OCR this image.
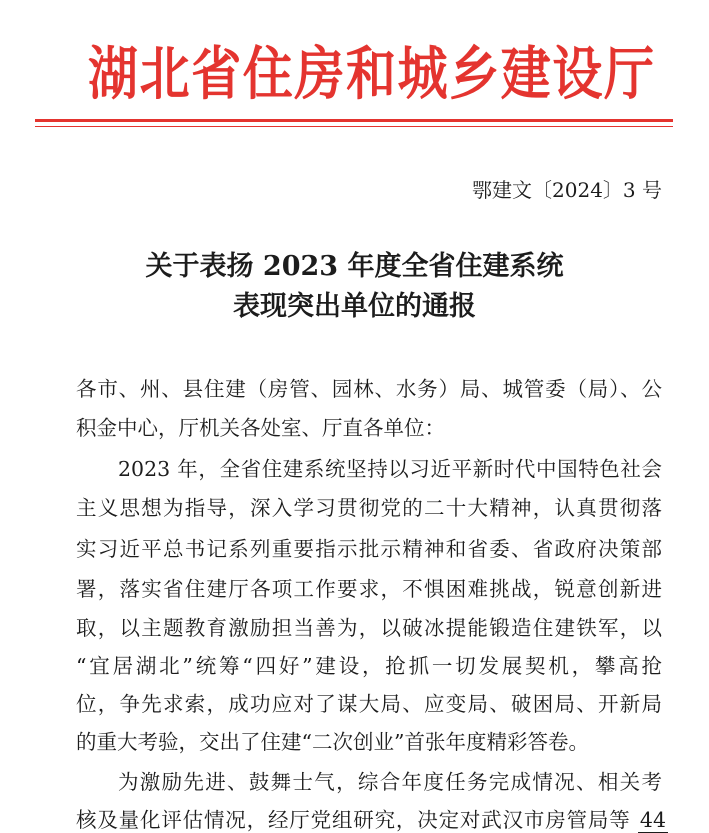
湖北省住房和城乡建设厅
鄂建文〔2024〕3 号
关于表扬 2023 年度全省住建系统
表现突出单位的通报
各市、州、县住建（房管、园林、水务）局、城管委（局）、公
积金中心，厅机关各处室、厅直各单位：
2023 年，全省住建系统坚持以习近平新时代中国特色社会
主义思想为指导，深入学习贯彻党的二十大精神，认真贯彻落
实习近平总书记系列重要指示批示精神和省委、省政府决策部
署，落实省住建厅各项工作要求，不惧困难挑战，锐意创新进
取，以主题教育激励担当善为，以破冰提能锻造住建铁军，以
“宜居湖北”统筹“四好”建设，抢抓一切发展契机，攀高抢
位，争先求索，成功应对了谋大局、应变局、破困局、开新局
的重大考验，交出了住建“二次创业”首张年度精彩答卷。
为激励先进、鼓舞士气，综合年度任务完成情况、相关考
核及量化评估情况，经厅党组研究，决定对武汉市房管局等 44
